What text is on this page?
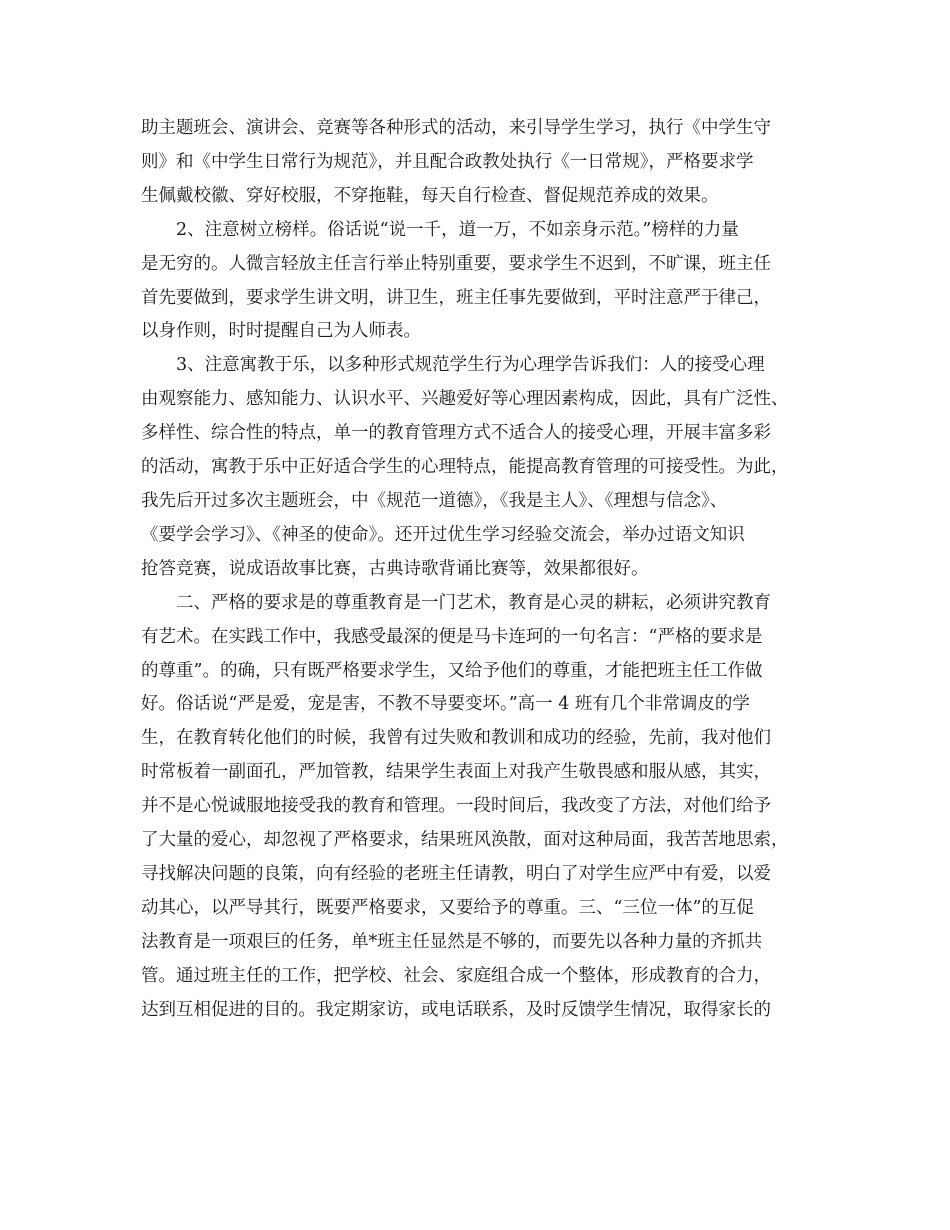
助主题班会、演讲会、竞赛等各种形式的活动，来引导学生学习，执行《中学生守
则》和《中学生日常行为规范》，并且配合政教处执行《一日常规》，严格要求学
生佩戴校徽、穿好校服，不穿拖鞋，每天自行检查、督促规范养成的效果。
2、注意树立榜样。俗话说“说一千，道一万，不如亲身示范。”榜样的力量
是无穷的。人微言轻放主任言行举止特别重要，要求学生不迟到，不旷课，班主任
首先要做到，要求学生讲文明，讲卫生，班主任事先要做到，平时注意严于律己，
以身作则，时时提醒自己为人师表。
3、注意寓教于乐，以多种形式规范学生行为心理学告诉我们：人的接受心理
由观察能力、感知能力、认识水平、兴趣爱好等心理因素构成，因此，具有广泛性、
多样性、综合性的特点，单一的教育管理方式不适合人的接受心理，开展丰富多彩
的活动，寓教于乐中正好适合学生的心理特点，能提高教育管理的可接受性。为此，
我先后开过多次主题班会，中《规范一道德》，《我是主人》、《理想与信念》、
《要学会学习》、《神圣的使命》。还开过优生学习经验交流会，举办过语文知识
抢答竞赛，说成语故事比赛，古典诗歌背诵比赛等，效果都很好。
二、严格的要求是的尊重教育是一门艺术，教育是心灵的耕耘，必须讲究教育
有艺术。在实践工作中，我感受最深的便是马卡连珂的一句名言：“严格的要求是
的尊重”。的确，只有既严格要求学生，又给予他们的尊重，才能把班主任工作做
好。俗话说“严是爱，宠是害，不教不导要变坏。”高一 4 班有几个非常调皮的学
生，在教育转化他们的时候，我曾有过失败和教训和成功的经验，先前，我对他们
时常板着一副面孔，严加管教，结果学生表面上对我产生敬畏感和服从感，其实，
并不是心悦诚服地接受我的教育和管理。一段时间后，我改变了方法，对他们给予
了大量的爱心，却忽视了严格要求，结果班风涣散，面对这种局面，我苦苦地思索，
寻找解决问题的良策，向有经验的老班主任请教，明白了对学生应严中有爱，以爱
动其心，以严导其行，既要严格要求，又要给予的尊重。三、“三位一体”的互促
法教育是一项艰巨的任务，单*班主任显然是不够的，而要先以各种力量的齐抓共
管。通过班主任的工作，把学校、社会、家庭组合成一个整体，形成教育的合力，
达到互相促进的目的。我定期家访，或电话联系，及时反馈学生情况，取得家长的
